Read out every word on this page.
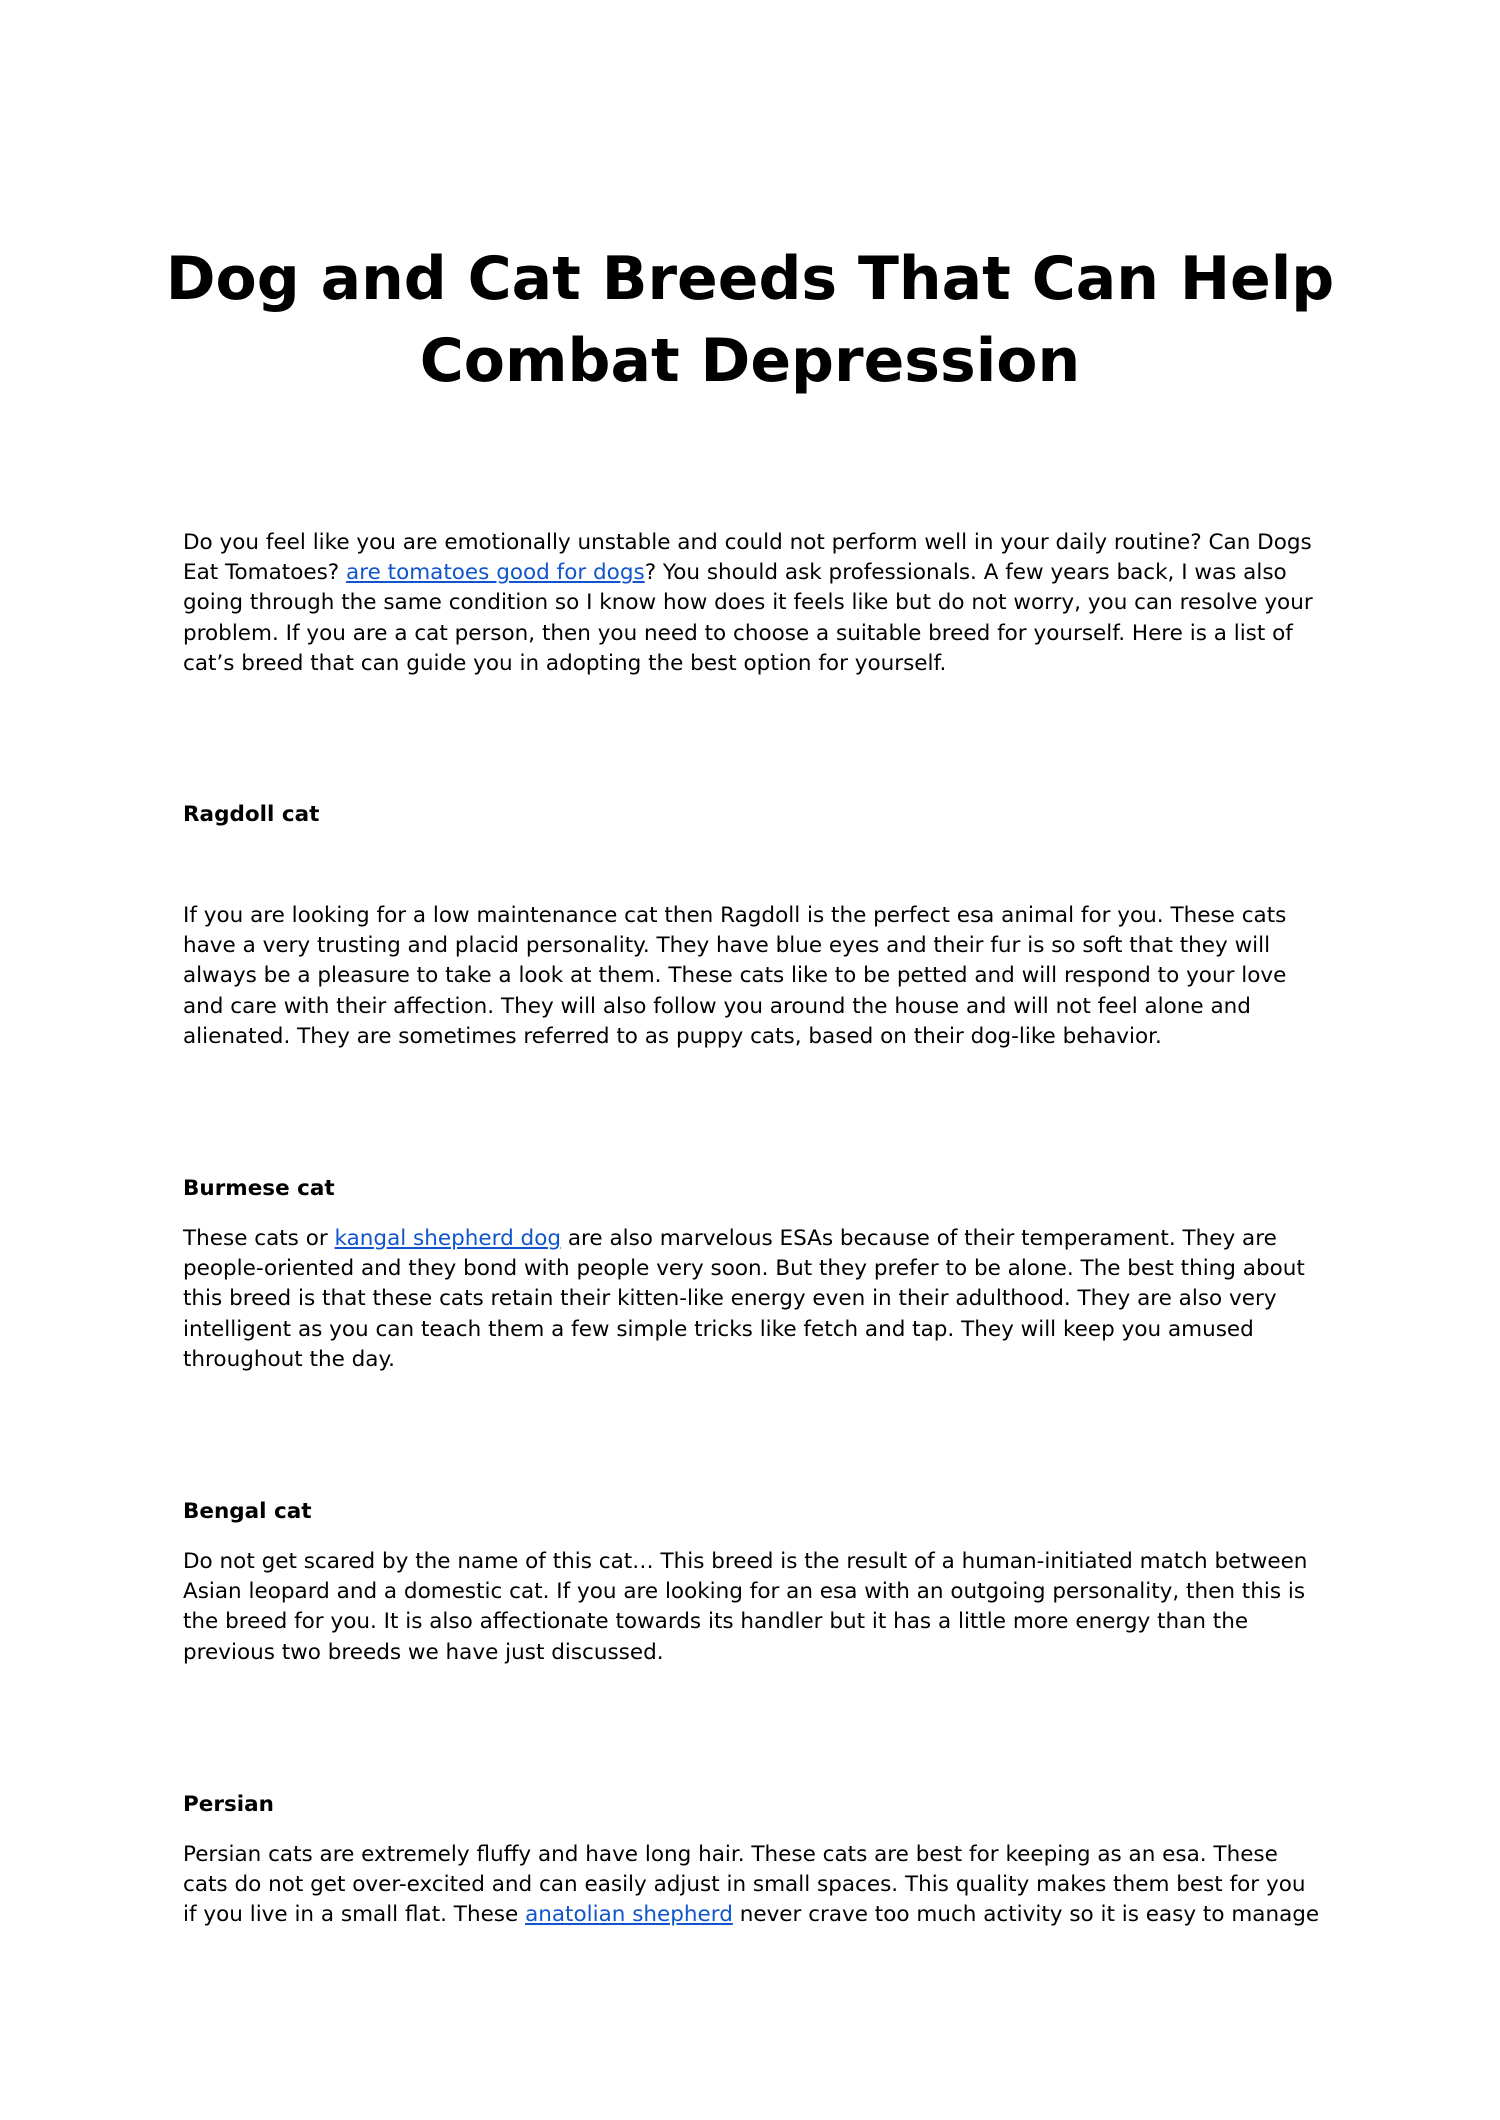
Dog and Cat Breeds That Can Help
Combat Depression

Do you feel like you are emotionally unstable and could not perform well in your daily routine? Can Dogs
Eat Tomatoes? are tomatoes good for dogs? You should ask professionals. A few years back, I was also
going through the same condition so I know how does it feels like but do not worry, you can resolve your
problem. If you are a cat person, then you need to choose a suitable breed for yourself. Here is a list of
cat’s breed that can guide you in adopting the best option for yourself.

Ragdoll cat

If you are looking for a low maintenance cat then Ragdoll is the perfect esa animal for you. These cats
have a very trusting and placid personality. They have blue eyes and their fur is so soft that they will
always be a pleasure to take a look at them. These cats like to be petted and will respond to your love
and care with their affection. They will also follow you around the house and will not feel alone and
alienated. They are sometimes referred to as puppy cats, based on their dog-like behavior.

Burmese cat

These cats or kangal shepherd dog are also marvelous ESAs because of their temperament. They are
people-oriented and they bond with people very soon. But they prefer to be alone. The best thing about
this breed is that these cats retain their kitten-like energy even in their adulthood. They are also very
intelligent as you can teach them a few simple tricks like fetch and tap. They will keep you amused
throughout the day.

Bengal cat

Do not get scared by the name of this cat… This breed is the result of a human-initiated match between
Asian leopard and a domestic cat. If you are looking for an esa with an outgoing personality, then this is
the breed for you. It is also affectionate towards its handler but it has a little more energy than the
previous two breeds we have just discussed.

Persian

Persian cats are extremely fluffy and have long hair. These cats are best for keeping as an esa. These
cats do not get over-excited and can easily adjust in small spaces. This quality makes them best for you
if you live in a small flat. These anatolian shepherd never crave too much activity so it is easy to manage
